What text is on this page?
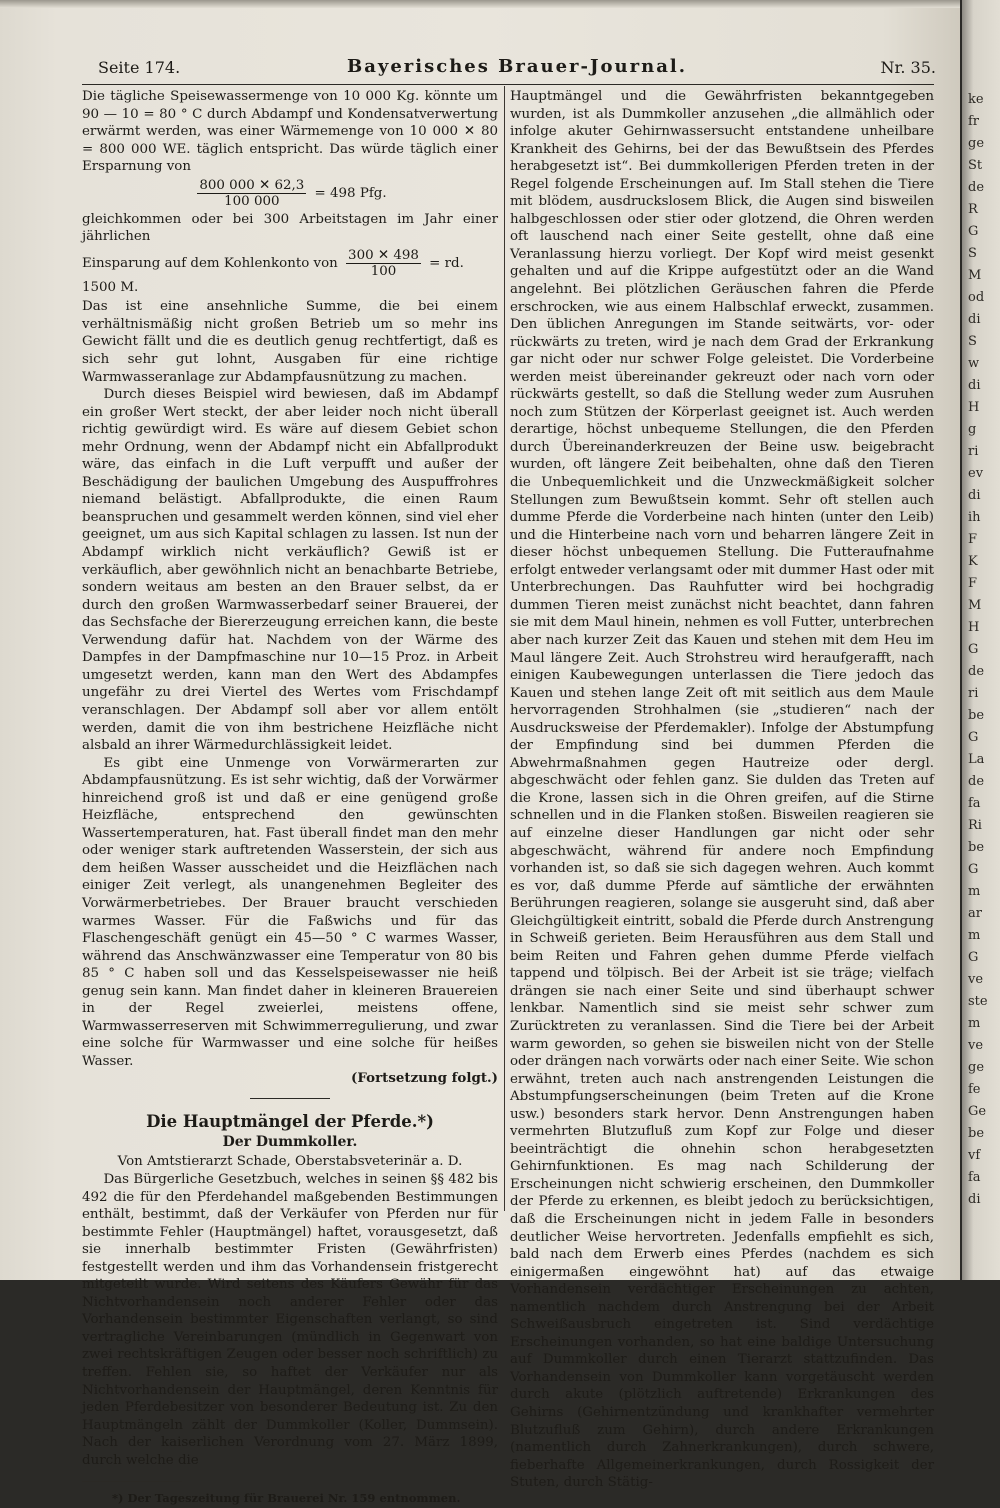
Seite 174.	Bayerisches Brauer-Journal.	Nr. 35.

Die tägliche Speisewassermenge von 10 000 Kg. könnte um 90 — 10 = 80 ° C durch Abdampf und Kondensatverwertung erwärmt werden, was einer Wärmemenge von 10 000 ✕ 80 = 800 000 WE. täglich entspricht. Das würde täglich einer Ersparnung von

$\frac{800 000 ✕ 62,3}{100 000} = 498$ Pfg.

gleichkommen oder bei 300 Arbeitstagen im Jahr einer jährlichen

Einsparung auf dem Kohlenkonto von $\frac{300 ✕ 498}{100}$ = rd. 1500 M.

Das ist eine ansehnliche Summe, die bei einem verhältnismäßig nicht großen Betrieb um so mehr ins Gewicht fällt und die es deutlich genug rechtfertigt, daß es sich sehr gut lohnt, Ausgaben für eine richtige Warmwasseranlage zur Abdampfausnützung zu machen.

Durch dieses Beispiel wird bewiesen, daß im Abdampf ein großer Wert steckt, der aber leider noch nicht überall richtig gewürdigt wird. Es wäre auf diesem Gebiet schon mehr Ordnung, wenn der Abdampf nicht ein Abfallprodukt wäre, das einfach in die Luft verpufft und außer der Beschädigung der baulichen Umgebung des Auspuffrohres niemand belästigt. Abfallprodukte, die einen Raum beanspruchen und gesammelt werden können, sind viel eher geeignet, um aus sich Kapital schlagen zu lassen. Ist nun der Abdampf wirklich nicht verkäuflich? Gewiß ist er verkäuflich, aber gewöhnlich nicht an benachbarte Betriebe, sondern weitaus am besten an den Brauer selbst, da er durch den großen Warmwasserbedarf seiner Brauerei, der das Sechsfache der Biererzeugung erreichen kann, die beste Verwendung dafür hat. Nachdem von der Wärme des Dampfes in der Dampfmaschine nur 10—15 Proz. in Arbeit umgesetzt werden, kann man den Wert des Abdampfes ungefähr zu drei Viertel des Wertes vom Frischdampf veranschlagen. Der Abdampf soll aber vor allem entölt werden, damit die von ihm bestrichene Heizfläche nicht alsbald an ihrer Wärmedurchlässigkeit leidet.

Es gibt eine Unmenge von Vorwärmerarten zur Abdampfausnützung. Es ist sehr wichtig, daß der Vorwärmer hinreichend groß ist und daß er eine genügend große Heizfläche, entsprechend den gewünschten Wassertemperaturen, hat. Fast überall findet man den mehr oder weniger stark auftretenden Wasserstein, der sich aus dem heißen Wasser ausscheidet und die Heizflächen nach einiger Zeit verlegt, als unangenehmen Begleiter des Vorwärmerbetriebes. Der Brauer braucht verschieden warmes Wasser. Für die Faßwichs und für das Flaschengeschäft genügt ein 45—50 ° C warmes Wasser, während das Anschwänzwasser eine Temperatur von 80 bis 85 ° C haben soll und das Kesselspeisewasser nie heiß genug sein kann. Man findet daher in kleineren Brauereien in der Regel zweierlei, meistens offene, Warmwasserreserven mit Schwimmerregulierung, und zwar eine solche für Warmwasser und eine solche für heißes Wasser.

(Fortsetzung folgt.)
Die Hauptmängel der Pferde.*)
Der Dummkoller.
Von Amtstierarzt Schade, Oberstabsveterinär a. D.

Das Bürgerliche Gesetzbuch, welches in seinen §§ 482 bis 492 die für den Pferdehandel maßgebenden Bestimmungen enthält, bestimmt, daß der Verkäufer von Pferden nur für bestimmte Fehler (Hauptmängel) haftet, vorausgesetzt, daß sie innerhalb bestimmter Fristen (Gewährfristen) festgestellt werden und ihm das Vorhandensein fristgerecht mitgeteilt wurde. Wird seitens des Käufers Gewähr für das Nichtvorhandensein noch anderer Fehler oder das Vorhandensein bestimmter Eigenschaften verlangt, so sind vertragliche Vereinbarungen (mündlich in Gegenwart von zwei rechtskräftigen Zeugen oder besser noch schriftlich) zu treffen. Fehlen sie, so haftet der Verkäufer nur als Nichtvorhandensein der Hauptmängel, deren Kenntnis für jeden Pferdebesitzer von besonderer Bedeutung ist. Zu den Hauptmängeln zählt der Dummkoller (Koller, Dummsein). Nach der kaiserlichen Verordnung vom 27. März 1899, durch welche die

*) Der Tageszeitung für Brauerei Nr. 159 entnommen.

Hauptmängel und die Gewährfristen bekanntgegeben wurden, ist als Dummkoller anzusehen „die allmählich oder infolge akuter Gehirnwassersucht entstandene unheilbare Krankheit des Gehirns, bei der das Bewußtsein des Pferdes herabgesetzt ist“. Bei dummkollerigen Pferden treten in der Regel folgende Erscheinungen auf. Im Stall stehen die Tiere mit blödem, ausdruckslosem Blick, die Augen sind bisweilen halbgeschlossen oder stier oder glotzend, die Ohren werden oft lauschend nach einer Seite gestellt, ohne daß eine Veranlassung hierzu vorliegt. Der Kopf wird meist gesenkt gehalten und auf die Krippe aufgestützt oder an die Wand angelehnt. Bei plötzlichen Geräuschen fahren die Pferde erschrocken, wie aus einem Halbschlaf erweckt, zusammen. Den üblichen Anregungen im Stande seitwärts, vor- oder rückwärts zu treten, wird je nach dem Grad der Erkrankung gar nicht oder nur schwer Folge geleistet. Die Vorderbeine werden meist übereinander gekreuzt oder nach vorn oder rückwärts gestellt, so daß die Stellung weder zum Ausruhen noch zum Stützen der Körperlast geeignet ist. Auch werden derartige, höchst unbequeme Stellungen, die den Pferden durch Übereinanderkreuzen der Beine usw. beigebracht wurden, oft längere Zeit beibehalten, ohne daß den Tieren die Unbequemlichkeit und die Unzweckmäßigkeit solcher Stellungen zum Bewußtsein kommt. Sehr oft stellen auch dumme Pferde die Vorderbeine nach hinten (unter den Leib) und die Hinterbeine nach vorn und beharren längere Zeit in dieser höchst unbequemen Stellung. Die Futteraufnahme erfolgt entweder verlangsamt oder mit dummer Hast oder mit Unterbrechungen. Das Rauhfutter wird bei hochgradig dummen Tieren meist zunächst nicht beachtet, dann fahren sie mit dem Maul hinein, nehmen es voll Futter, unterbrechen aber nach kurzer Zeit das Kauen und stehen mit dem Heu im Maul längere Zeit. Auch Strohstreu wird heraufgerafft, nach einigen Kaubewegungen unterlassen die Tiere jedoch das Kauen und stehen lange Zeit oft mit seitlich aus dem Maule hervorragenden Strohhalmen (sie „studieren“ nach der Ausdrucksweise der Pferdemakler). Infolge der Abstumpfung der Empfindung sind bei dummen Pferden die Abwehrmaßnahmen gegen Hautreize oder dergl. abgeschwächt oder fehlen ganz. Sie dulden das Treten auf die Krone, lassen sich in die Ohren greifen, auf die Stirne schnellen und in die Flanken stoßen. Bisweilen reagieren sie auf einzelne dieser Handlungen gar nicht oder sehr abgeschwächt, während für andere noch Empfindung vorhanden ist, so daß sie sich dagegen wehren. Auch kommt es vor, daß dumme Pferde auf sämtliche der erwähnten Berührungen reagieren, solange sie ausgeruht sind, daß aber Gleichgültigkeit eintritt, sobald die Pferde durch Anstrengung in Schweiß gerieten. Beim Herausführen aus dem Stall und beim Reiten und Fahren gehen dumme Pferde vielfach tappend und tölpisch. Bei der Arbeit ist sie träge; vielfach drängen sie nach einer Seite und sind überhaupt schwer lenkbar. Namentlich sind sie meist sehr schwer zum Zurücktreten zu veranlassen. Sind die Tiere bei der Arbeit warm geworden, so gehen sie bisweilen nicht von der Stelle oder drängen nach vorwärts oder nach einer Seite. Wie schon erwähnt, treten auch nach anstrengenden Leistungen die Abstumpfungserscheinungen (beim Treten auf die Krone usw.) besonders stark hervor. Denn Anstrengungen haben vermehrten Blutzufluß zum Kopf zur Folge und dieser beeinträchtigt die ohnehin schon herabgesetzten Gehirnfunktionen. Es mag nach Schilderung der Erscheinungen nicht schwierig erscheinen, den Dummkoller der Pferde zu erkennen, es bleibt jedoch zu berücksichtigen, daß die Erscheinungen nicht in jedem Falle in besonders deutlicher Weise hervortreten. Jedenfalls empfiehlt es sich, bald nach dem Erwerb eines Pferdes (nachdem es sich einigermaßen eingewöhnt hat) auf das etwaige Vorhandensein verdächtiger Erscheinungen zu achten, namentlich nachdem durch Anstrengung bei der Arbeit Schweißausbruch eingetreten ist. Sind verdächtige Erscheinungen vorhanden, so hat eine baldige Untersuchung auf Dummkoller durch einen Tierarzt stattzufinden. Das Vorhandensein von Dummkoller kann vorgetäuscht werden durch akute (plötzlich auftretende) Erkrankungen des Gehirns (Gehirnentzündung und krankhafter vermehrter Blutzufluß zum Gehirn), durch andere Erkrankungen (namentlich durch Zahnerkrankungen), durch schwere, fieberhafte Allgemeinerkrankungen, durch Rossigkeit der Stuten, durch Stätig-

ke
fr
ge
St
de
R
G
S
M
od
di
S
w
di
H
g
ri
ev
di
ih
F
K
F
M
H
G
de
ri
be
G
La
de
fa
Ri
be
G
m
ar
m
G
ve
ste
m
ve
ge
fe
Ge
be
vf
fa
di
